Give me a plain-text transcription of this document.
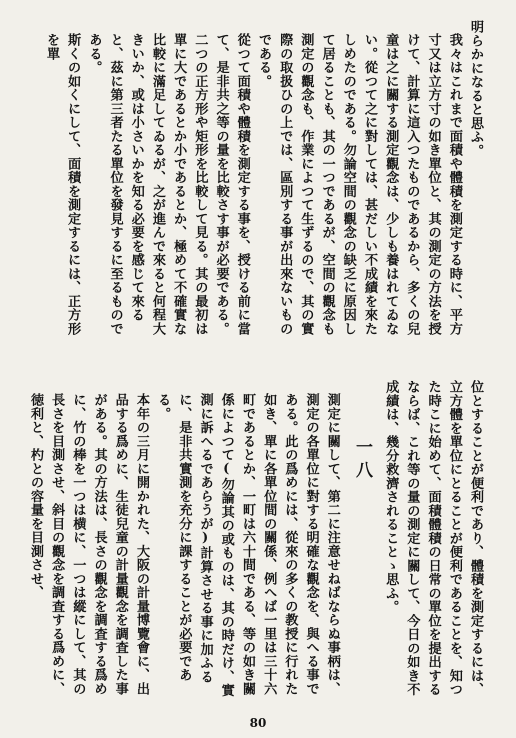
明らかになると思ふ。

我々はこれまで面積や體積を測定する時に、平方寸又は立方寸の如き單位と、其の測定の方法を授けて、計算に這入つたものであるから、多くの兒童は之に關する測定觀念は、少しも養はれてゐない。從つて之に對しては、甚だしい不成績を來たしめたのである。勿論空間の觀念の缺乏に原因して居ることも、其の一つであるが、空間の觀念も測定の觀念も、作業によつて生ずるので、其の實際の取扱ひの上では、區別する事が出來ないものである。

從つて面積や體積を測定する事を、授ける前に當て、是非共之等の量を比較さす事が必要である。二つの正方形や矩形を比較して見る。其の最初は單に大であるとか小であるとか、極めて不確實な比較に滿足してゐるが、之が進んで來ると何程大きいか、或は小さいかを知る必要を感じて來ると、茲に第三者たる單位を發見するに至るものである。

斯くの如くにして、面積を測定するには、正方形を單

位とすることが便利であり、體積を測定するには、立方體を單位にとることが便利であることを、知つた時こに始めて、面積體積の日常の單位を提出するならば、これ等の量の測定に關して、今日の如き不成績は、幾分救濟されることゝ思ふ。

一八

測定に關して、第二に注意せねばならぬ事柄は、測定の各單位に對する明確な觀念を、與へる事である。此の爲めには、從來の多くの教授に行れた如き、單に各單位間の關係、例へば一里は三十六町であるとか、一町は六十間である、等の如き關係によつて(勿論其の或ものは、其の時だけ、實測に訴へるであらうが)計算させる事に加ふるに、是非共實測を充分に課することが必要である。

本年の三月に開かれた、大阪の計量博覽會に、出品する爲めに、生徒兒童の計量觀念を調査した事がある。其の方法は、長さの觀念を調査する爲めに、竹の棒を一つは横に、一つは縱にして、其の長さを目測させ、斜目の觀念を調査する爲めに、徳利と、杓との容量を目測させ、

80
